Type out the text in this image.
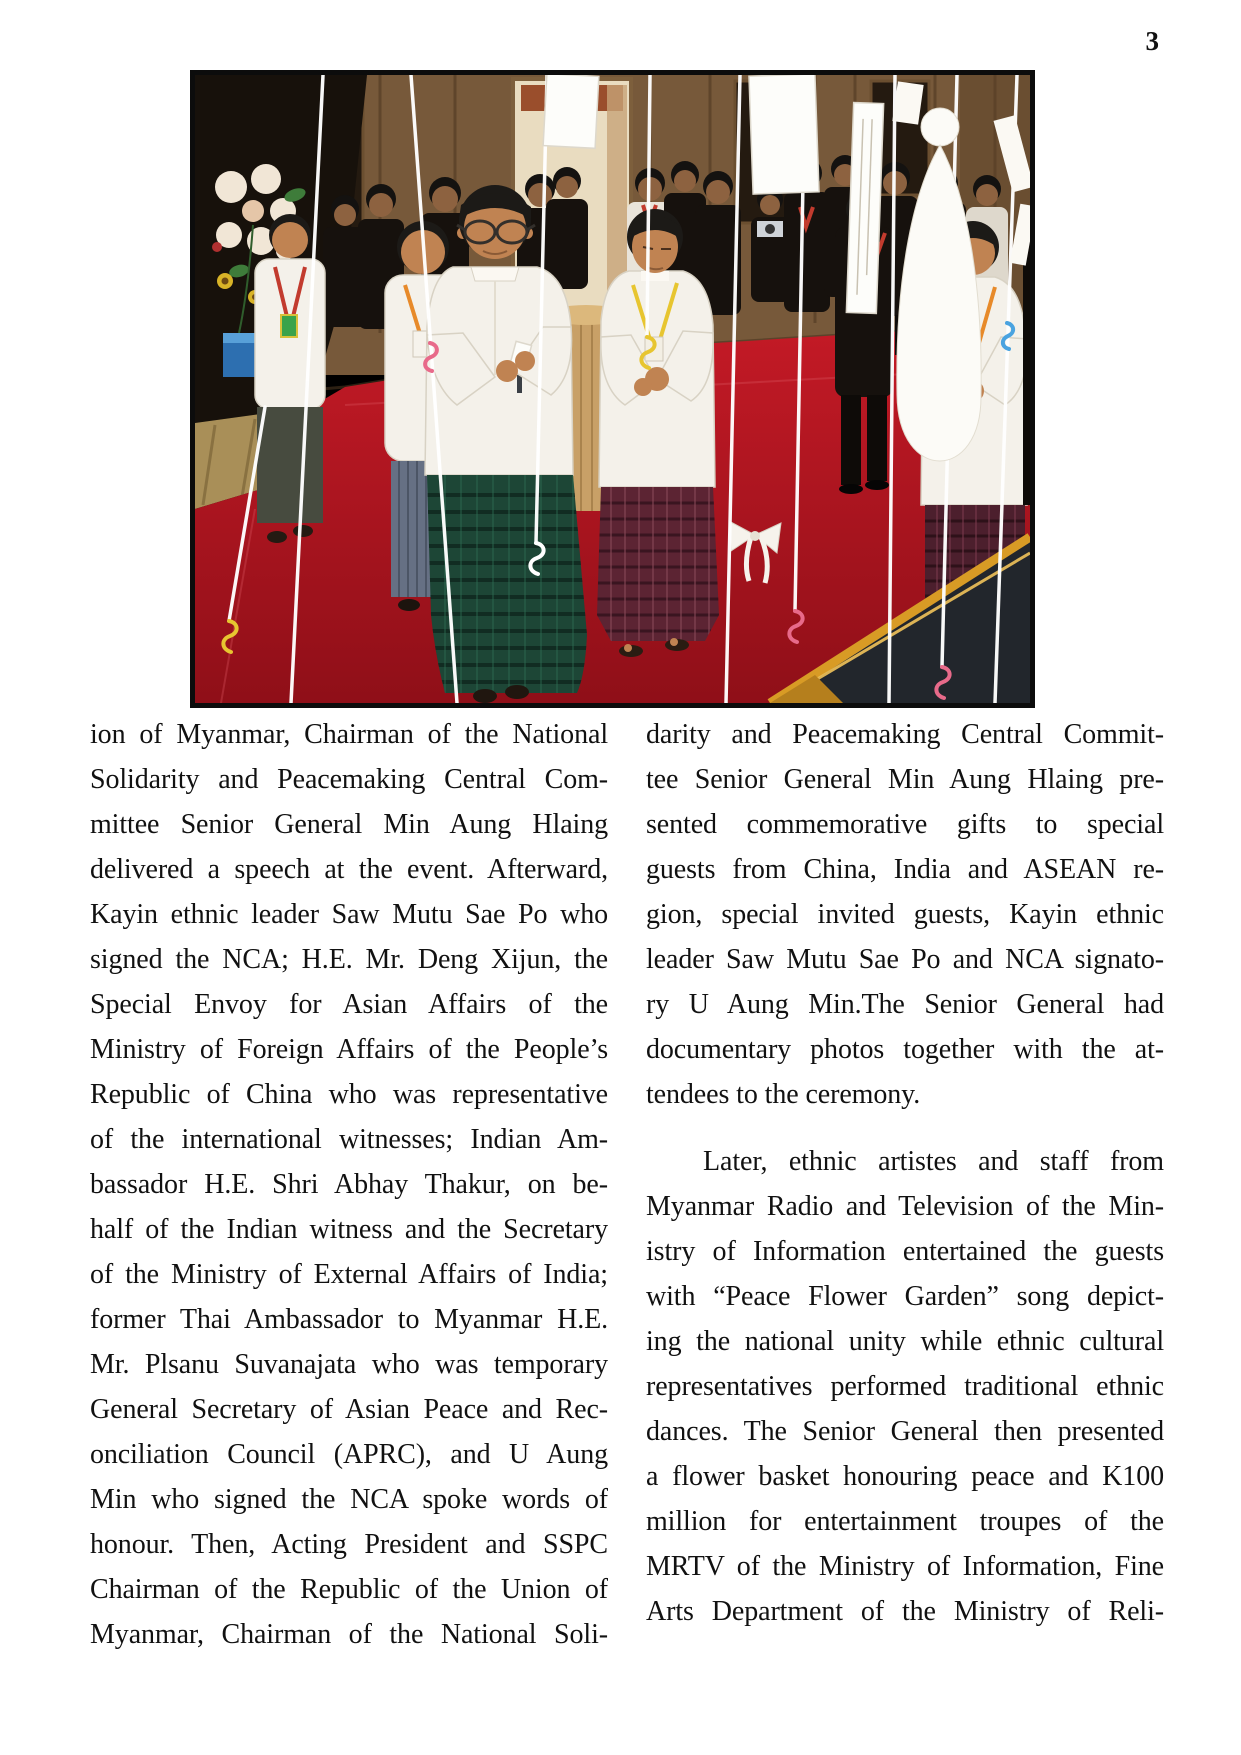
3
ion of Myanmar, Chairman of the National
Solidarity and Peacemaking Central Com-
mittee Senior General Min Aung Hlaing
delivered a speech at the event. Afterward,
Kayin ethnic leader Saw Mutu Sae Po who
signed the NCA; H.E. Mr. Deng Xijun, the
Special Envoy for Asian Affairs of the
Ministry of Foreign Affairs of the People’s
Republic of China who was representative
of the international witnesses; Indian Am-
bassador H.E. Shri Abhay Thakur, on be-
half of the Indian witness and the Secretary
of the Ministry of External Affairs of India;
former Thai Ambassador to Myanmar H.E.
Mr. Plsanu Suvanajata who was temporary
General Secretary of Asian Peace and Rec-
onciliation Council (APRC), and U Aung
Min who signed the NCA spoke words of
honour. Then, Acting President and SSPC
Chairman of the Republic of the Union of
Myanmar, Chairman of the National Soli-
darity and Peacemaking Central Commit-
tee Senior General Min Aung Hlaing pre-
sented commemorative gifts to special
guests from China, India and ASEAN re-
gion, special invited guests, Kayin ethnic
leader Saw Mutu Sae Po and NCA signato-
ry U Aung Min.The Senior General had
documentary photos together with the at-
tendees to the ceremony.
Later, ethnic artistes and staff from
Myanmar Radio and Television of the Min-
istry of Information entertained the guests
with “Peace Flower Garden” song depict-
ing the national unity while ethnic cultural
representatives performed traditional ethnic
dances. The Senior General then presented
a flower basket honouring peace and K100
million for entertainment troupes of the
MRTV of the Ministry of Information, Fine
Arts Department of the Ministry of Reli-
